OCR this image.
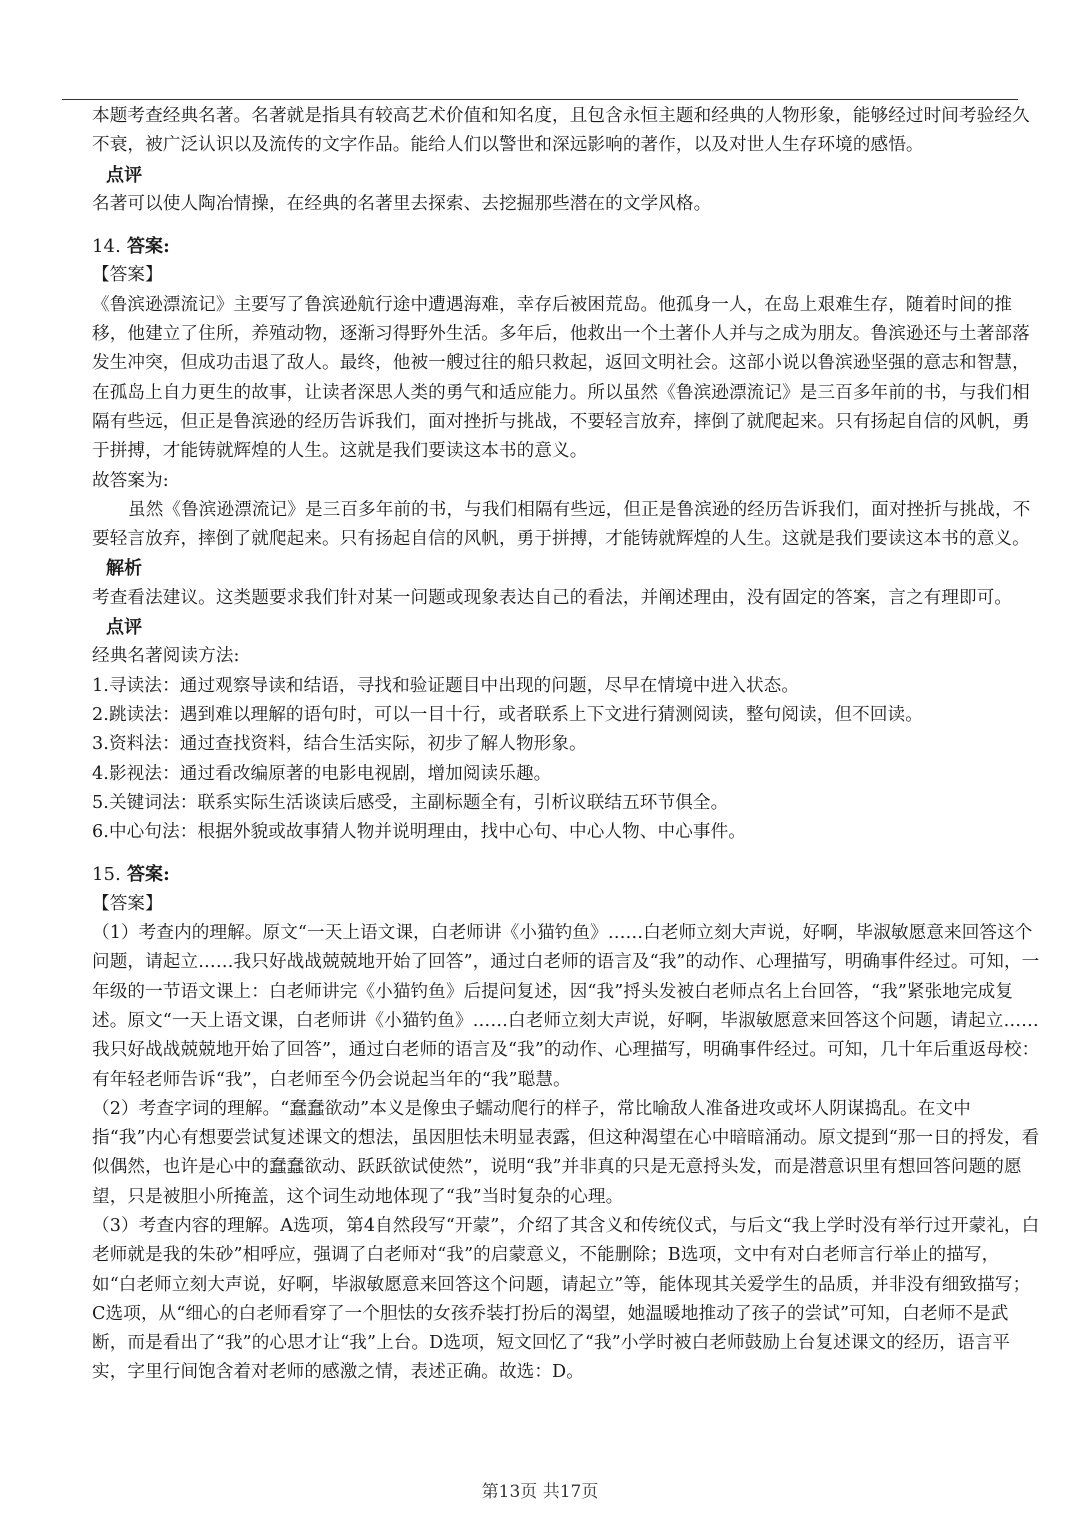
本题考查经典名著。名著就是指具有较高艺术价值和知名度，且包含永恒主题和经典的人物形象，能够经过时间考验经久不衰，被广泛认识以及流传的文字作品。能给人们以警世和深远影响的著作，以及对世人生存环境的感悟。

点评

名著可以使人陶冶情操，在经典的名著里去探索、去挖掘那些潜在的文学风格。

14. 答案:

【答案】

《鲁滨逊漂流记》主要写了鲁滨逊航行途中遭遇海难，幸存后被困荒岛。他孤身一人，在岛上艰难生存，随着时间的推移，他建立了住所，养殖动物，逐渐习得野外生活。多年后，他救出一个土著仆人并与之成为朋友。鲁滨逊还与土著部落发生冲突，但成功击退了敌人。最终，他被一艘过往的船只救起，返回文明社会。这部小说以鲁滨逊坚强的意志和智慧，在孤岛上自力更生的故事，让读者深思人类的勇气和适应能力。所以虽然《鲁滨逊漂流记》是三百多年前的书，与我们相隔有些远，但正是鲁滨逊的经历告诉我们，面对挫折与挑战，不要轻言放弃，摔倒了就爬起来。只有扬起自信的风帆，勇于拼搏，才能铸就辉煌的人生。这就是我们要读这本书的意义。

故答案为:

虽然《鲁滨逊漂流记》是三百多年前的书，与我们相隔有些远，但正是鲁滨逊的经历告诉我们，面对挫折与挑战，不要轻言放弃，摔倒了就爬起来。只有扬起自信的风帆，勇于拼搏，才能铸就辉煌的人生。这就是我们要读这本书的意义。

解析

考查看法建议。这类题要求我们针对某一问题或现象表达自己的看法，并阐述理由，没有固定的答案，言之有理即可。

点评

经典名著阅读方法:

1.寻读法：通过观察导读和结语，寻找和验证题目中出现的问题，尽早在情境中进入状态。

2.跳读法：遇到难以理解的语句时，可以一目十行，或者联系上下文进行猜测阅读，整句阅读，但不回读。

3.资料法：通过查找资料，结合生活实际，初步了解人物形象。

4.影视法：通过看改编原著的电影电视剧，增加阅读乐趣。

5.关键词法：联系实际生活谈读后感受，主副标题全有，引析议联结五环节俱全。

6.中心句法：根据外貌或故事猜人物并说明理由，找中心句、中心人物、中心事件。

15. 答案:

【答案】

（1）考查内的理解。原文“一天上语文课，白老师讲《小猫钓鱼》……白老师立刻大声说，好啊，毕淑敏愿意来回答这个问题，请起立……我只好战战兢兢地开始了回答”，通过白老师的语言及“我”的动作、心理描写，明确事件经过。可知，一年级的一节语文课上：白老师讲完《小猫钓鱼》后提问复述，因“我”捋头发被白老师点名上台回答，“我”紧张地完成复述。原文“一天上语文课，白老师讲《小猫钓鱼》……白老师立刻大声说，好啊，毕淑敏愿意来回答这个问题，请起立……我只好战战兢兢地开始了回答”，通过白老师的语言及“我”的动作、心理描写，明确事件经过。可知，几十年后重返母校：有年轻老师告诉“我”，白老师至今仍会说起当年的“我”聪慧。

（2）考查字词的理解。“蠢蠢欲动”本义是像虫子蠕动爬行的样子，常比喻敌人准备进攻或坏人阴谋捣乱。在文中指“我”内心有想要尝试复述课文的想法，虽因胆怯未明显表露，但这种渴望在心中暗暗涌动。原文提到“那一日的捋发，看似偶然，也许是心中的蠢蠢欲动、跃跃欲试使然”，说明“我”并非真的只是无意捋头发，而是潜意识里有想回答问题的愿望，只是被胆小所掩盖，这个词生动地体现了“我”当时复杂的心理。

（3）考查内容的理解。A选项，第4自然段写“开蒙”，介绍了其含义和传统仪式，与后文“我上学时没有举行过开蒙礼，白老师就是我的朱砂”相呼应，强调了白老师对“我”的启蒙意义，不能删除；B选项，文中有对白老师言行举止的描写，如“白老师立刻大声说，好啊，毕淑敏愿意来回答这个问题，请起立”等，能体现其关爱学生的品质，并非没有细致描写；C选项，从“细心的白老师看穿了一个胆怯的女孩乔装打扮后的渴望，她温暖地推动了孩子的尝试”可知，白老师不是武断，而是看出了“我”的心思才让“我”上台。D选项，短文回忆了“我”小学时被白老师鼓励上台复述课文的经历，语言平实，字里行间饱含着对老师的感激之情，表述正确。故选：D。

第13页 共17页
